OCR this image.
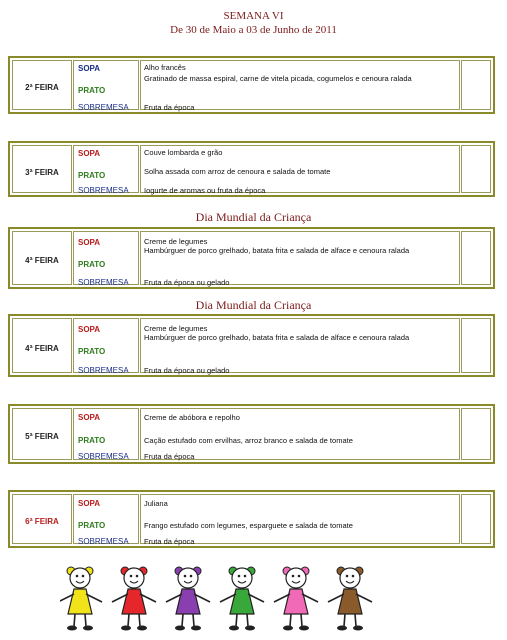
SEMANA VI
De 30 de Maio a 03 de Junho de 2011
2ª FEIRA
SOPA
PRATO
SOBREMESA
Alho francês
Gratinado de massa espiral, carne de vitela picada, cogumelos e cenoura ralada
Fruta da época
3ª FEIRA
SOPA
PRATO
SOBREMESA
Couve lombarda e grão
Solha assada com arroz de cenoura e salada de tomate
Iogurte de aromas ou fruta da época
Dia Mundial da Criança
4ª FEIRA
SOPA
PRATO
SOBREMESA
Creme de legumes
Hambúrguer de porco grelhado, batata frita e salada de alface e cenoura ralada
Fruta da época ou gelado
Dia Mundial da Criança
4ª FEIRA
SOPA
PRATO
SOBREMESA
Creme de legumes
Hambúrguer de porco grelhado, batata frita e salada de alface e cenoura ralada
Fruta da época ou gelado
5ª FEIRA
SOPA
PRATO
SOBREMESA
Creme de abóbora e repolho
Cação estufado com ervilhas, arroz branco e salada de tomate
Fruta da época
6ª FEIRA
SOPA
PRATO
SOBREMESA
Juliana
Frango estufado com legumes, esparguete e salada de tomate
Fruta da época
